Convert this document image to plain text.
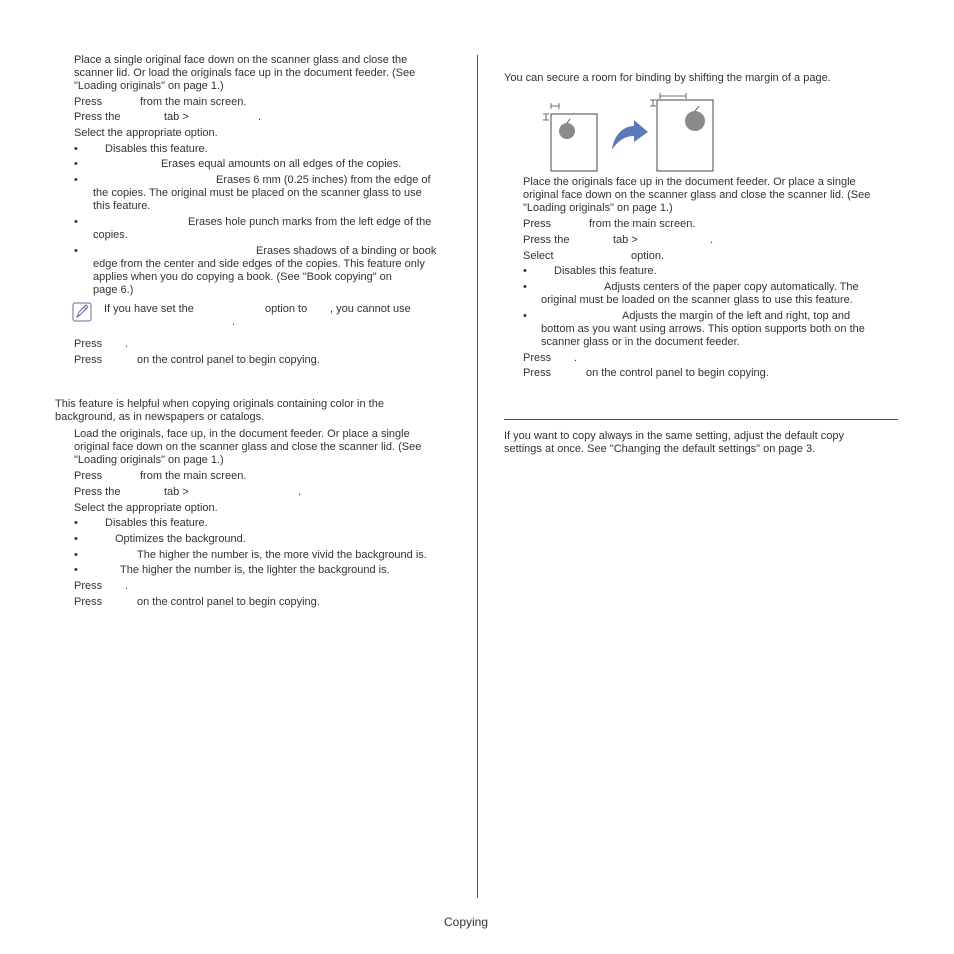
Place a single original face down on the scanner glass and close the
scanner lid. Or load the originals face up in the document feeder. (See
"Loading originals" on page 1.)
Press	from the main screen.
Press the	tab >	.
Select the appropriate option.
• Disables this feature.
•	Erases equal amounts on all edges of the copies.
•	Erases 6 mm (0.25 inches) from the edge of
the copies. The original must be placed on the scanner glass to use
this feature.
•	Erases hole punch marks from the left edge of the
copies.
•	Erases shadows of a binding or book
edge from the center and side edges of the copies. This feature only
applies when you do copying a book. (See "Book copying" on
page 6.)
If you have set the	option to , you cannot use
.
Press .
Press	on the control panel to begin copying.
This feature is helpful when copying originals containing color in the
background, as in newspapers or catalogs.
Load the originals, face up, in the document feeder. Or place a single
original face down on the scanner glass and close the scanner lid. (See
"Loading originals" on page 1.)
Press	from the main screen.
Press the	tab >	.
Select the appropriate option.
• Disables this feature.
•	Optimizes the background.
•	The higher the number is, the more vivid the background is.
•	The higher the number is, the lighter the background is.
Press .
Press	on the control panel to begin copying.
You can secure a room for binding by shifting the margin of a page.
Place the originals face up in the document feeder. Or place a single
original face down on the scanner glass and close the scanner lid. (See
"Loading originals" on page 1.)
Press	from the main screen.
Press the	tab >	.
Select	option.
• Disables this feature.
•	Adjusts centers of the paper copy automatically. The
original must be loaded on the scanner glass to use this feature.
•	Adjusts the margin of the left and right, top and
bottom as you want using arrows. This option supports both on the
scanner glass or in the document feeder.
Press .
Press	on the control panel to begin copying.
If you want to copy always in the same setting, adjust the default copy
settings at once. See "Changing the default settings" on page 3.
Copying
